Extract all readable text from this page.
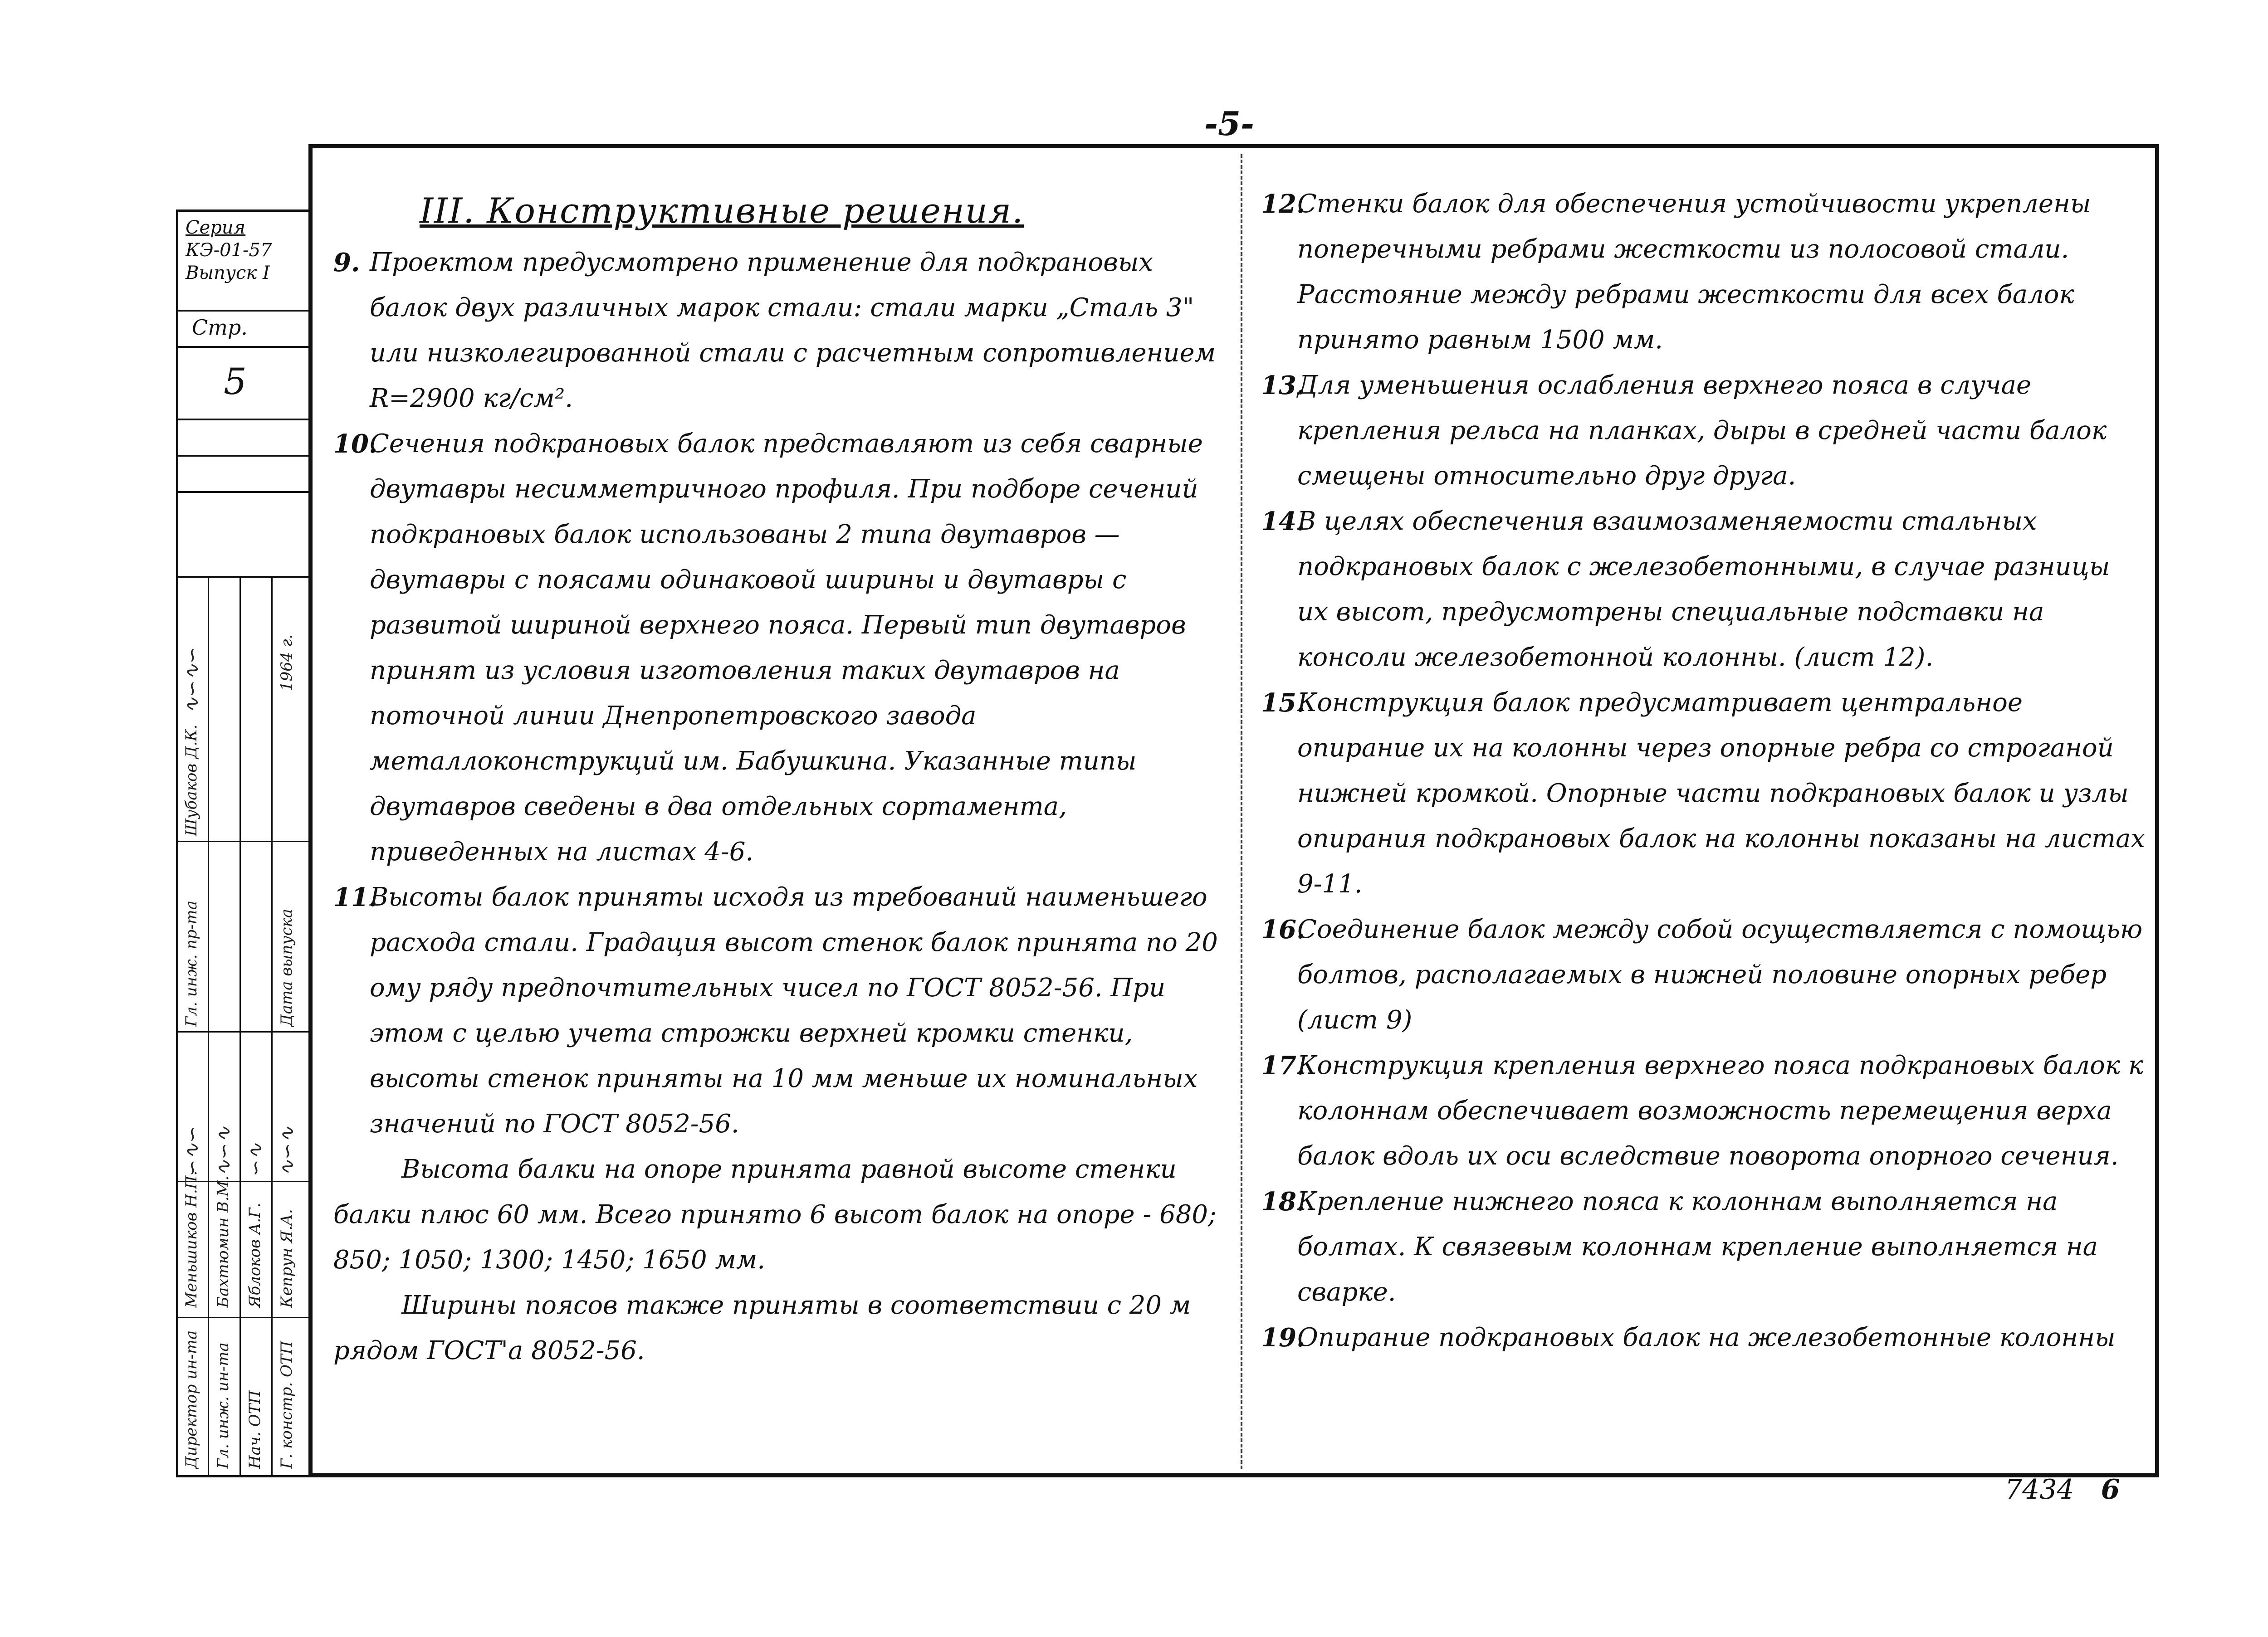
-5-
Серия
КЭ-01-57
Выпуск I
Стр.
5
Директор ин-та
Меньшиков Н.П.
Гл. инж. ин-та
Бахтюмин В.М.
Нач. ОТП
Яблоков А.Г.
Г. констр. ОТП
Кепрун Я.А.
∽∿∽ ∿∽∿ ∽∿ ∿∽∿
Гл. инж. пр-та
Шубаков Д.К.
∿∽∿∽
Дата выпуска
1964 г.
III. Конструктивные решения.
9. Проектом предусмотрено применение для подкрановых балок двух различных марок стали: стали марки „Сталь 3" или низколегированной стали с расчетным сопротивлением R=2900 кг/см².
10.
Сечения подкрановых балок представляют из себя сварные двутавры несимметричного профиля. При подборе сечений подкрановых балок использованы 2 типа двутавров — двутавры с поясами одинаковой ширины и двутавры с развитой шириной верхнего пояса. Первый тип двутавров принят из условия изготовления таких двутавров на поточной линии Днепропетровского завода металлоконструкций им. Бабушкина. Указанные типы двутавров сведены в два отдельных сортамента, приведенных на листах 4-6.
11.
Высоты балок приняты исходя из требований наименьшего расхода стали. Градация высот стенок балок принята по 20 ому ряду предпочтительных чисел по ГОСТ 8052-56. При этом с целью учета строжки верхней кромки стенки, высоты стенок приняты на 10 мм меньше их номинальных значений по ГОСТ 8052-56.

Высота балки на опоре принята равной высоте стенки балки плюс 60 мм. Всего принято 6 высот балок на опоре - 680; 850; 1050; 1300; 1450; 1650 мм.

Ширины поясов также приняты в соответствии с 20 м рядом ГОСТ'а 8052-56.

12.
Стенки балок для обеспечения устойчивости укреплены поперечными ребрами жесткости из полосовой стали. Расстояние между ребрами жесткости для всех балок принято равным 1500 мм.
13.
Для уменьшения ослабления верхнего пояса в случае крепления рельса на планках, дыры в средней части балок смещены относительно друг друга.
14.
В целях обеспечения взаимозаменяемости стальных подкрановых балок с железобетонными, в случае разницы их высот, предусмотрены специальные подставки на консоли железобетонной колонны. (лист 12).
15.
Конструкция балок предусматривает центральное опирание их на колонны через опорные ребра со строганой нижней кромкой. Опорные части подкрановых балок и узлы опирания подкрановых балок на колонны показаны на листах 9-11.
16.
Соединение балок между собой осуществляется с помощью болтов, располагаемых в нижней половине опорных ребер (лист 9)
17.
Конструкция крепления верхнего пояса подкрановых балок к колоннам обеспечивает возможность перемещения верха балок вдоль их оси вследствие поворота опорного сечения.
18.
Крепление нижнего пояса к колоннам выполняется на болтах. К связевым колоннам крепление выполняется на сварке.
19.
Опирание подкрановых балок на железобетонные колонны
7434 6
